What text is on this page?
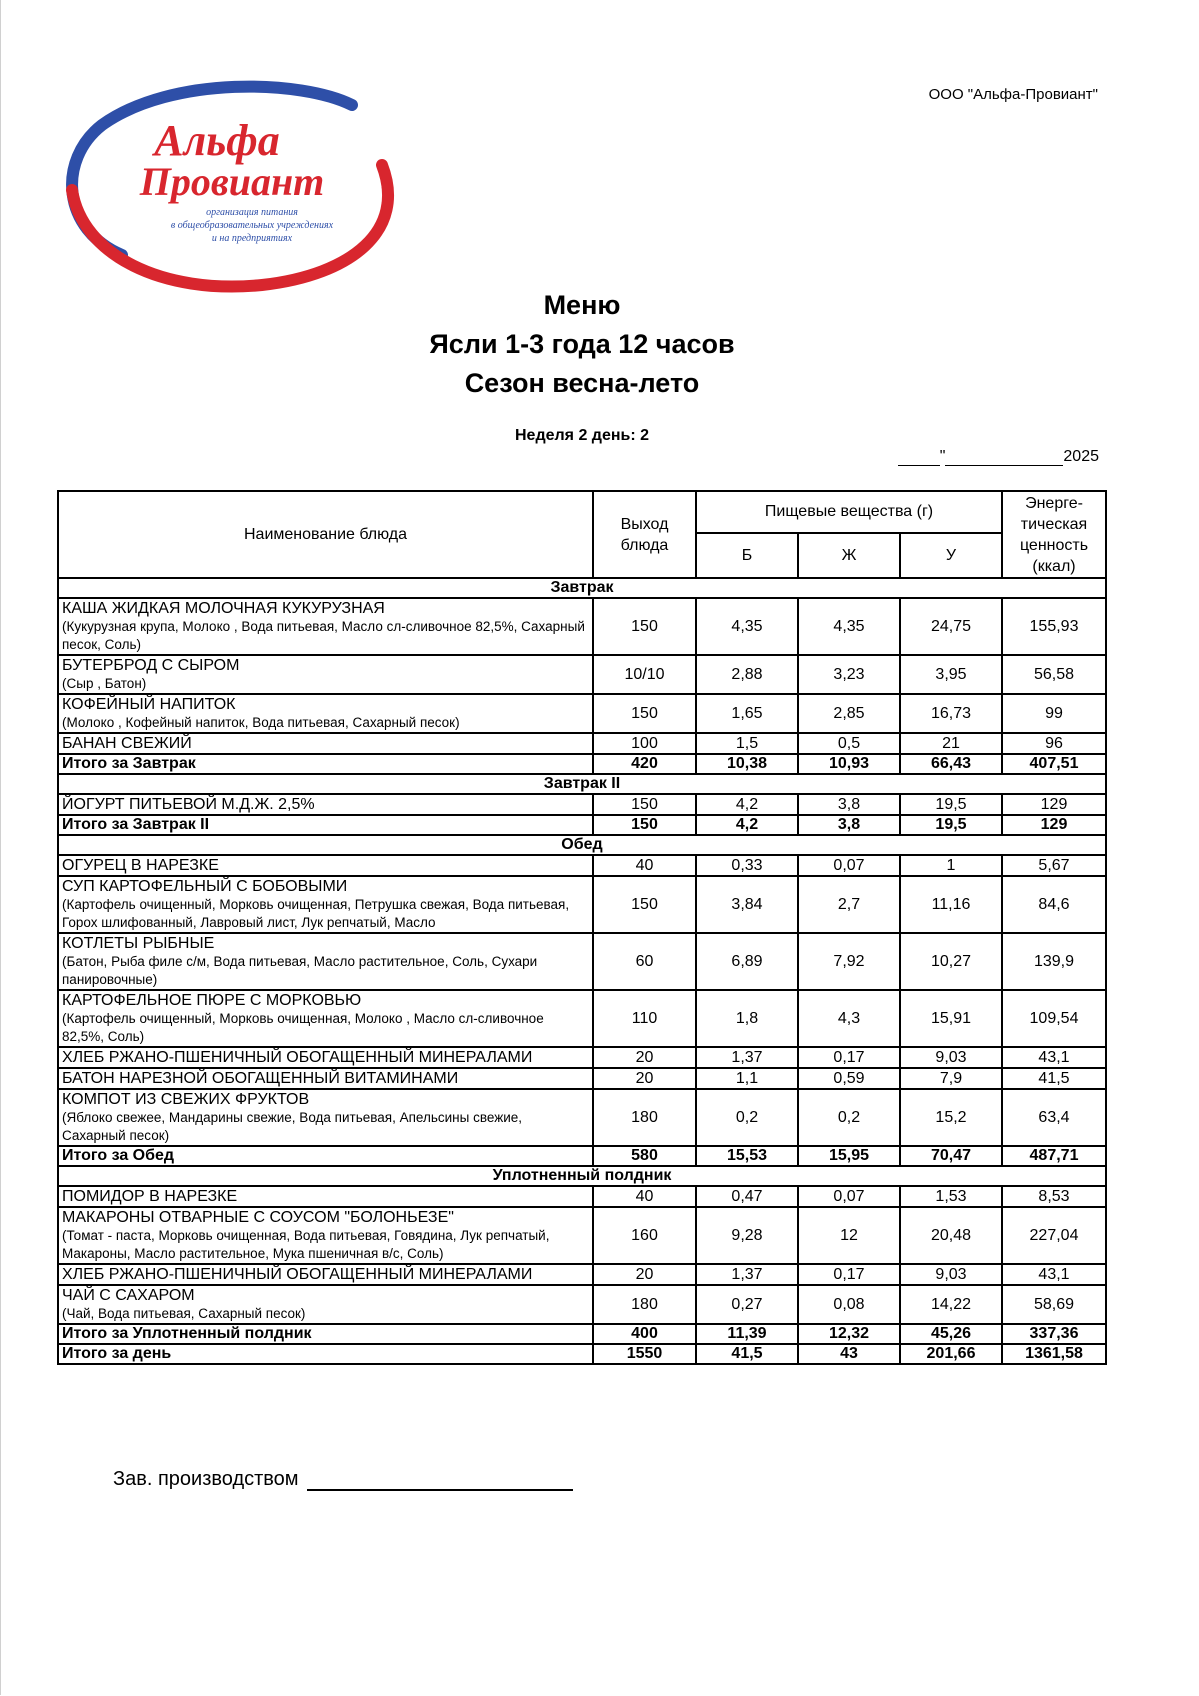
ООО "Альфа-Провиант"
Альфа
Провиант
организация питания
в общеобразовательных учреждениях
и на предприятиях
Меню
Ясли 1-3 года 12 часов
Сезон весна-лето
Неделя 2 день: 2
"	2025
Наименование блюда	Выход блюда	Пищевые вещества (г)			Энерге-тическая ценность (ккал)
		Б	Ж	У	
Завтрак					

КАША ЖИДКАЯ МОЛОЧНАЯ КУКУРУЗНАЯ
(Кукурузная крупа, Молоко , Вода питьевая, Масло сл-сливочное 82,5%, Сахарный песок, Соль)	150	4,35	4,35	24,75	155,93

БУТЕРБРОД С СЫРОМ
(Сыр , Батон)	10/10	2,88	3,23	3,95	56,58

КОФЕЙНЫЙ НАПИТОК
(Молоко , Кофейный напиток, Вода питьевая, Сахарный песок)	150	1,65	2,85	16,73	99

БАНАН СВЕЖИЙ	100	1,5	0,5	21	96
Итого за Завтрак	420	10,38	10,93	66,43	407,51
Завтрак II					

ЙОГУРТ ПИТЬЕВОЙ М.Д.Ж. 2,5%	150	4,2	3,8	19,5	129
Итого за Завтрак II	150	4,2	3,8	19,5	129
Обед					

ОГУРЕЦ В НАРЕЗКЕ	40	0,33	0,07	1	5,67

СУП КАРТОФЕЛЬНЫЙ С БОБОВЫМИ
(Картофель очищенный, Морковь очищенная, Петрушка свежая, Вода питьевая, Горох шлифованный, Лавровый лист, Лук репчатый, Масло	150	3,84	2,7	11,16	84,6

КОТЛЕТЫ РЫБНЫЕ
(Батон, Рыба филе с/м, Вода питьевая, Масло растительное, Соль, Сухари панировочные)	60	6,89	7,92	10,27	139,9

КАРТОФЕЛЬНОЕ ПЮРЕ С МОРКОВЬЮ
(Картофель очищенный, Морковь очищенная, Молоко , Масло сл-сливочное 82,5%, Соль)	110	1,8	4,3	15,91	109,54

ХЛЕБ РЖАНО-ПШЕНИЧНЫЙ ОБОГАЩЕННЫЙ МИНЕРАЛАМИ	20	1,37	0,17	9,03	43,1

БАТОН НАРЕЗНОЙ ОБОГАЩЕННЫЙ ВИТАМИНАМИ	20	1,1	0,59	7,9	41,5

КОМПОТ ИЗ СВЕЖИХ ФРУКТОВ
(Яблоко свежее, Мандарины свежие, Вода питьевая, Апельсины свежие, Сахарный песок)	180	0,2	0,2	15,2	63,4
Итого за Обед	580	15,53	15,95	70,47	487,71
Уплотненный полдник					

ПОМИДОР В НАРЕЗКЕ	40	0,47	0,07	1,53	8,53

МАКАРОНЫ ОТВАРНЫЕ С СОУСОМ "БОЛОНЬЕЗЕ"
(Томат - паста, Морковь очищенная, Вода питьевая, Говядина, Лук репчатый, Макароны, Масло растительное, Мука пшеничная в/с, Соль)	160	9,28	12	20,48	227,04

ХЛЕБ РЖАНО-ПШЕНИЧНЫЙ ОБОГАЩЕННЫЙ МИНЕРАЛАМИ	20	1,37	0,17	9,03	43,1

ЧАЙ С САХАРОМ
(Чай, Вода питьевая, Сахарный песок)	180	0,27	0,08	14,22	58,69
Итого за Уплотненный полдник	400	11,39	12,32	45,26	337,36
Итого за день	1550	41,5	43	201,66	1361,58
Зав. производством
